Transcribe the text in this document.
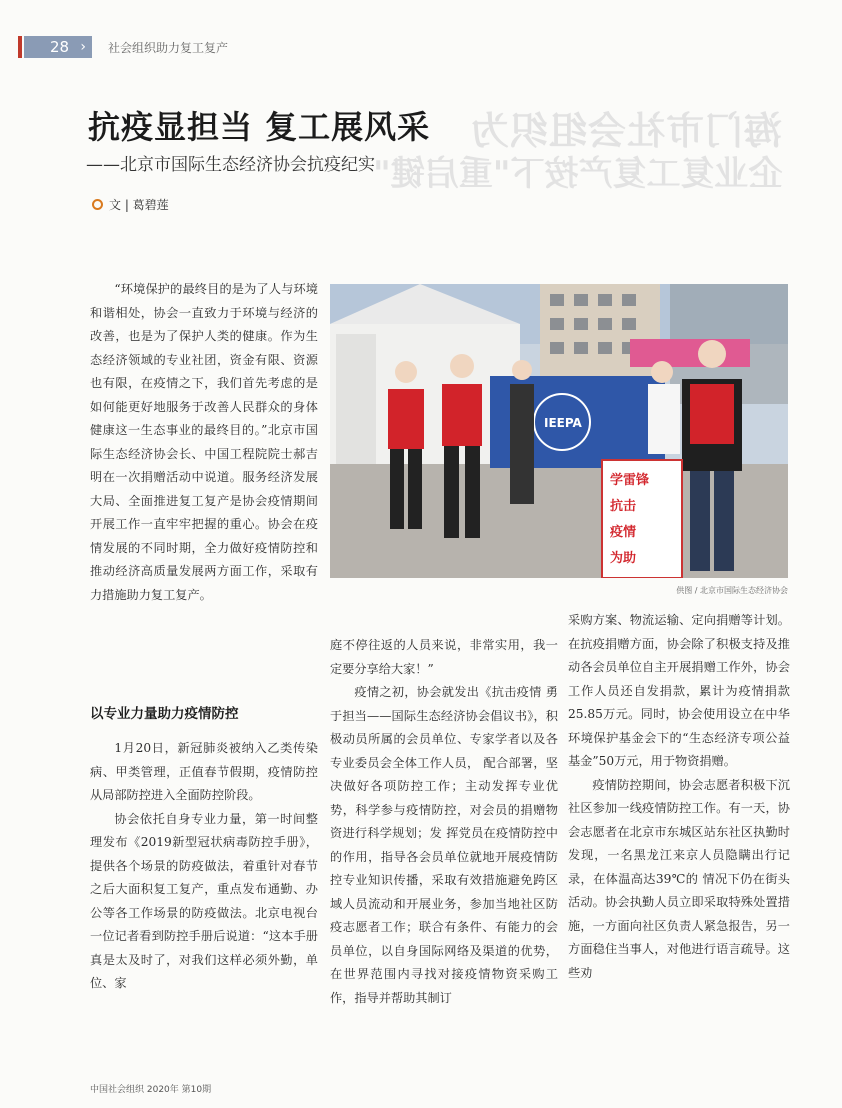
28 › 社会组织助力复工复产
海门市社会组织为
企业复工复产按下"重启键"
抗疫显担当 复工展风采
——北京市国际生态经济协会抗疫纪实
文 | 葛碧莲

“环境保护的最终目的是为了人与环境和谐相处，协会一直致力于环境与经济的改善，也是为了保护人类的健康。作为生态经济领域的专业社团，资金有限、资源也有限，在疫情之下，我们首先考虑的是如何能更好地服务于改善人民群众的身体健康这一生态事业的最终目的。”北京市国际生态经济协会长、中国工程院院士郝吉明在一次捐赠活动中说道。服务经济发展大局、全面推进复工复产是协会疫情期间开展工作一直牢牢把握的重心。协会在疫情发展的不同时期，全力做好疫情防控和推动经济高质量发展两方面工作，采取有力措施助力复工复产。

以专业力量助力疫情防控

1月20日，新冠肺炎被纳入乙类传染病、甲类管理，正值春节假期，疫情防控从局部防控进入全面防控阶段。

协会依托自身专业力量，第一时间整理发布《2019新型冠状病毒防控手册》，提供各个场景的防疫做法，着重针对春节之后大面积复工复产，重点发布通勤、办公等各工作场景的防疫做法。北京电视台一位记者看到防控手册后说道：“这本手册真是太及时了，对我们这样必须外勤，单位、家

IEEPA
学雷锋
抗击
疫情
为助
供图 / 北京市国际生态经济协会

庭不停往返的人员来说，非常实用，我一定要分享给大家！”

疫情之初，协会就发出《抗击疫情 勇于担当——国际生态经济协会倡议书》，积极动员所属的会员单位、专家学者以及各专业委员会全体工作人员， 配合部署，坚决做好各项防控工作；主动发挥专业优势，科学参与疫情防控，对会员的捐赠物资进行科学规划；发 挥党员在疫情防控中的作用，指导各会员单位就地开展疫情防控专业知识传播，采取有效措施避免跨区域人员流动和开展业务，参加当地社区防疫志愿者工作；联合有条件、有能力的会员单位，以自身国际网络及渠道的优势，在世界范围内寻找对接疫情物资采购工作，指导并帮助其制订

采购方案、物流运输、定向捐赠等计划。在抗疫捐赠方面，协会除了积极支持及推动各会员单位自主开展捐赠工作外，协会工作人员还自发捐款，累计为疫情捐款25.85万元。同时，协会使用设立在中华环境保护基金会下的“生态经济专项公益基金”50万元，用于物资捐赠。

疫情防控期间，协会志愿者积极下沉社区参加一线疫情防控工作。有一天，协会志愿者在北京市东城区站东社区执勤时发现，一名黑龙江来京人员隐瞒出行记录，在体温高达39℃的 情况下仍在街头活动。协会执勤人员立即采取特殊处置措施，一方面向社区负责人紧急报告，另一方面稳住当事人，对他进行语言疏导。这些劝

中国社会组织 2020年 第10期
